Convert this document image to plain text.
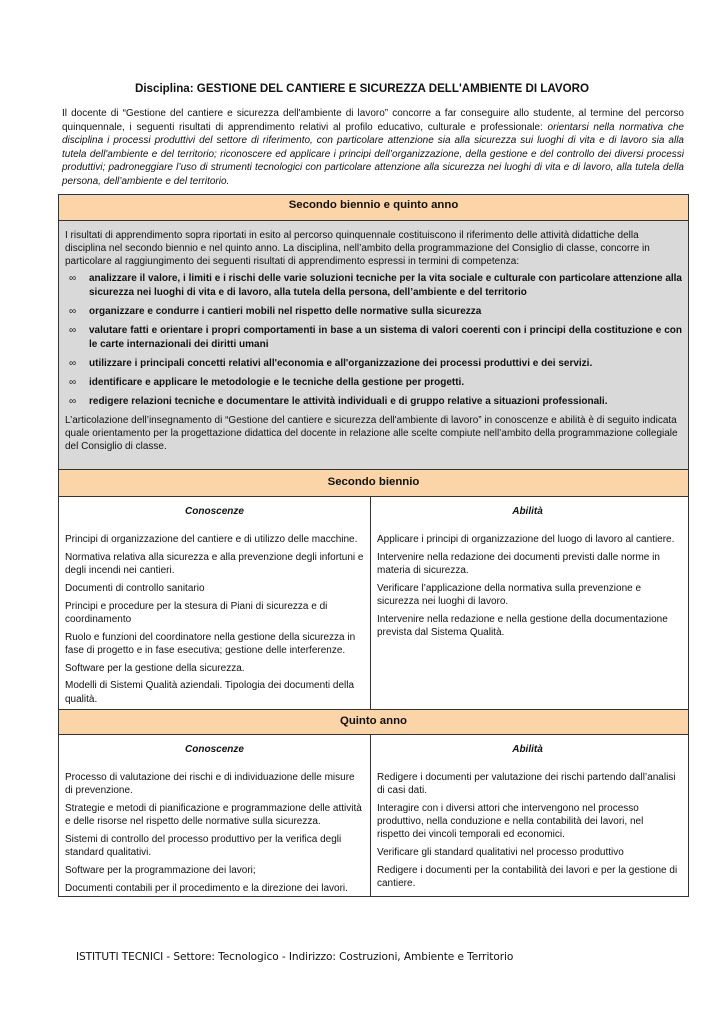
Disciplina: GESTIONE DEL CANTIERE E SICUREZZA DELL'AMBIENTE DI LAVORO
Il docente di “Gestione del cantiere e sicurezza dell'ambiente di lavoro” concorre a far conseguire allo studente, al termine del percorso quinquennale, i seguenti risultati di apprendimento relativi al profilo educativo, culturale e professionale: orientarsi nella normativa che disciplina i processi produttivi del settore di riferimento, con particolare attenzione sia alla sicurezza sui luoghi di vita e di lavoro sia alla tutela dell'ambiente e del territorio; riconoscere ed applicare i principi dell’organizzazione, della gestione e del controllo dei diversi processi produttivi; padroneggiare l’uso di strumenti tecnologici con particolare attenzione alla sicurezza nei luoghi di vita e di lavoro, alla tutela della persona, dell’ambiente e del territorio.
Secondo biennio e quinto anno

I risultati di apprendimento sopra riportati in esito al percorso quinquennale costituiscono il riferimento delle attività didattiche della disciplina nel secondo biennio e nel quinto anno. La disciplina, nell’ambito della programmazione del Consiglio di classe, concorre in particolare al raggiungimento dei seguenti risultati di apprendimento espressi in termini di competenza:

∞ analizzare il valore, i limiti e i rischi delle varie soluzioni tecniche per la vita sociale e culturale con particolare attenzione alla sicurezza nei luoghi di vita e di lavoro, alla tutela della persona, dell’ambiente e del territorio
∞ organizzare e condurre i cantieri mobili nel rispetto delle normative sulla sicurezza
∞ valutare fatti e orientare i propri comportamenti in base a un sistema di valori coerenti con i principi della costituzione e con le carte internazionali dei diritti umani
∞ utilizzare i principali concetti relativi all'economia e all'organizzazione dei processi produttivi e dei servizi.
∞ identificare e applicare le metodologie e le tecniche della gestione per progetti.
∞ redigere relazioni tecniche e documentare le attività individuali e di gruppo relative a situazioni professionali.

L’articolazione dell’insegnamento di “Gestione del cantiere e sicurezza dell'ambiente di lavoro” in conoscenze e abilità è di seguito indicata quale orientamento per la progettazione didattica del docente in relazione alle scelte compiute nell’ambito della programmazione collegiale del Consiglio di classe.

Secondo biennio
Conoscenze

Principi di organizzazione del cantiere e di utilizzo delle macchine.

Normativa relativa alla sicurezza e alla prevenzione degli infortuni e degli incendi nei cantieri.

Documenti di controllo sanitario

Principi e procedure per la stesura di Piani di sicurezza e di coordinamento

Ruolo e funzioni del coordinatore nella gestione della sicurezza in fase di progetto e in fase esecutiva; gestione delle interferenze.

Software per la gestione della sicurezza.

Modelli di Sistemi Qualità aziendali. Tipologia dei documenti della qualità.

Abilità

Applicare i principi di organizzazione del luogo di lavoro al cantiere.

Intervenire nella redazione dei documenti previsti dalle norme in materia di sicurezza.

Verificare l’applicazione della normativa sulla prevenzione e sicurezza nei luoghi di lavoro.

Intervenire nella redazione e nella gestione della documentazione prevista dal Sistema Qualità.

Quinto anno
Conoscenze

Processo di valutazione dei rischi e di individuazione delle misure di prevenzione.

Strategie e metodi di pianificazione e programmazione delle attività e delle risorse nel rispetto delle normative sulla sicurezza.

Sistemi di controllo del processo produttivo per la verifica degli standard qualitativi.

Software per la programmazione dei lavori;

Documenti contabili per il procedimento e la direzione dei lavori.

Abilità

Redigere i documenti per valutazione dei rischi partendo dall’analisi di casi dati.

Interagire con i diversi attori che intervengono nel processo produttivo, nella conduzione e nella contabilità dei lavori, nel rispetto dei vincoli temporali ed economici.

Verificare gli standard qualitativi nel processo produttivo

Redigere i documenti per la contabilità dei lavori e per la gestione di cantiere.

ISTITUTI TECNICI - Settore: Tecnologico - Indirizzo: Costruzioni, Ambiente e Territorio
